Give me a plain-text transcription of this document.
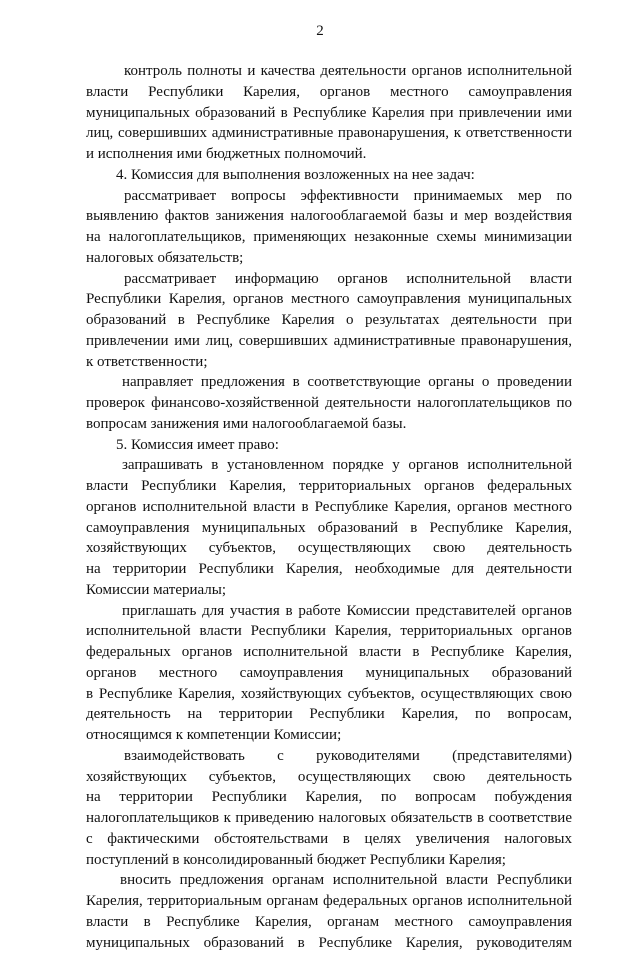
2
контроль полноты и качества деятельности органов исполнительной
власти Республики Карелия, органов местного самоуправления
муниципальных образований в Республике Карелия при привлечении ими
лиц, совершивших административные правонарушения, к ответственности
и исполнения ими бюджетных полномочий.
4. Комиссия для выполнения возложенных на нее задач:
рассматривает вопросы эффективности принимаемых мер по
выявлению фактов занижения налогооблагаемой базы и мер воздействия
на налогоплательщиков, применяющих незаконные схемы минимизации
налоговых обязательств;
рассматривает информацию органов исполнительной власти
Республики Карелия, органов местного самоуправления муниципальных
образований в Республике Карелия о результатах деятельности при
привлечении ими лиц, совершивших административные правонарушения,
к ответственности;
направляет предложения в соответствующие органы о проведении
проверок финансово-хозяйственной деятельности налогоплательщиков по
вопросам занижения ими налогооблагаемой базы.
5. Комиссия имеет право:
запрашивать в установленном порядке у органов исполнительной
власти Республики Карелия, территориальных органов федеральных
органов исполнительной власти в Республике Карелия, органов местного
самоуправления муниципальных образований в Республике Карелия,
хозяйствующих субъектов, осуществляющих свою деятельность
на территории Республики Карелия, необходимые для деятельности
Комиссии материалы;
приглашать для участия в работе Комиссии представителей органов
исполнительной власти Республики Карелия, территориальных органов
федеральных органов исполнительной власти в Республике Карелия,
органов местного самоуправления муниципальных образований
в Республике Карелия, хозяйствующих субъектов, осуществляющих свою
деятельность на территории Республики Карелия, по вопросам,
относящимся к компетенции Комиссии;
взаимодействовать с руководителями (представителями)
хозяйствующих субъектов, осуществляющих свою деятельность
на территории Республики Карелия, по вопросам побуждения
налогоплательщиков к приведению налоговых обязательств в соответствие
с фактическими обстоятельствами в целях увеличения налоговых
поступлений в консолидированный бюджет Республики Карелия;
вносить предложения органам исполнительной власти Республики
Карелия, территориальным органам федеральных органов исполнительной
власти в Республике Карелия, органам местного самоуправления
муниципальных образований в Республике Карелия, руководителям
